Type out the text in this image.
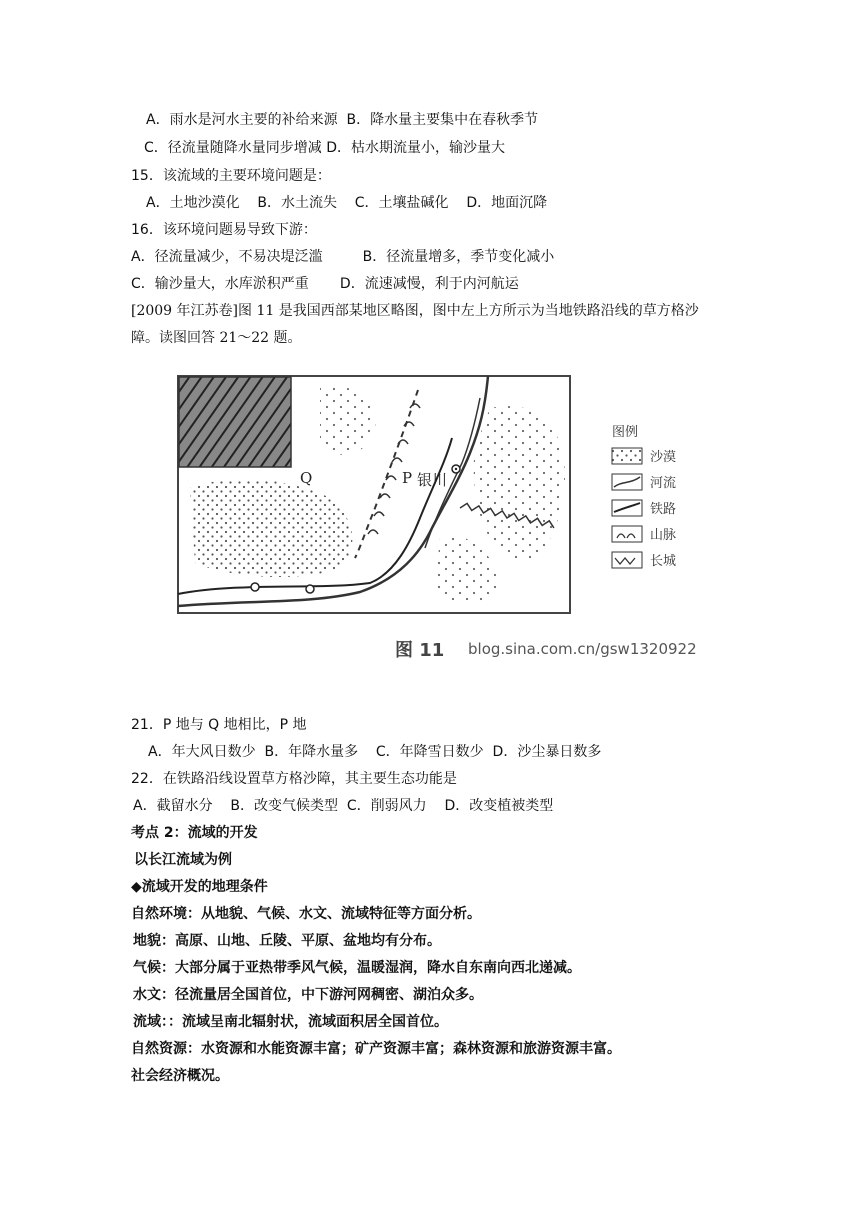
A．雨水是河水主要的补给来源  B．降水量主要集中在春秋季节
C．径流量随降水量同步增减 D．枯水期流量小，输沙量大
15．该流域的主要环境问题是：
A．土地沙漠化    B．水土流失    C．土壤盐碱化    D．地面沉降
16．该环境问题易导致下游：
A．径流量减少，不易决堤泛滥         B．径流量增多，季节变化减小
C．输沙量大，水库淤积严重       D．流速减慢，利于内河航运
[2009 年江苏卷]图 11 是我国西部某地区略图，图中左上方所示为当地铁路沿线的草方格沙
障。读图回答 21～22 题。
Q	P 银川
图例
沙漠
河流
铁路
山脉
长城
图 11 blog.sina.com.cn/gsw1320922
21．P 地与 Q 地相比，P 地
A．年大风日数少  B．年降水量多    C．年降雪日数少  D．沙尘暴日数多
22．在铁路沿线设置草方格沙障，其主要生态功能是
A．截留水分    B．改变气候类型  C．削弱风力    D．改变植被类型
考点 2：流域的开发
以长江流域为例
◆流域开发的地理条件
自然环境：从地貌、气候、水文、流域特征等方面分析。
地貌：高原、山地、丘陵、平原、盆地均有分布。
气候：大部分属于亚热带季风气候，温暖湿润，降水自东南向西北递减。
水文：径流量居全国首位，中下游河网稠密、湖泊众多。
流域：：流域呈南北辐射状，流域面积居全国首位。
自然资源：水资源和水能资源丰富；矿产资源丰富；森林资源和旅游资源丰富。
社会经济概况。
